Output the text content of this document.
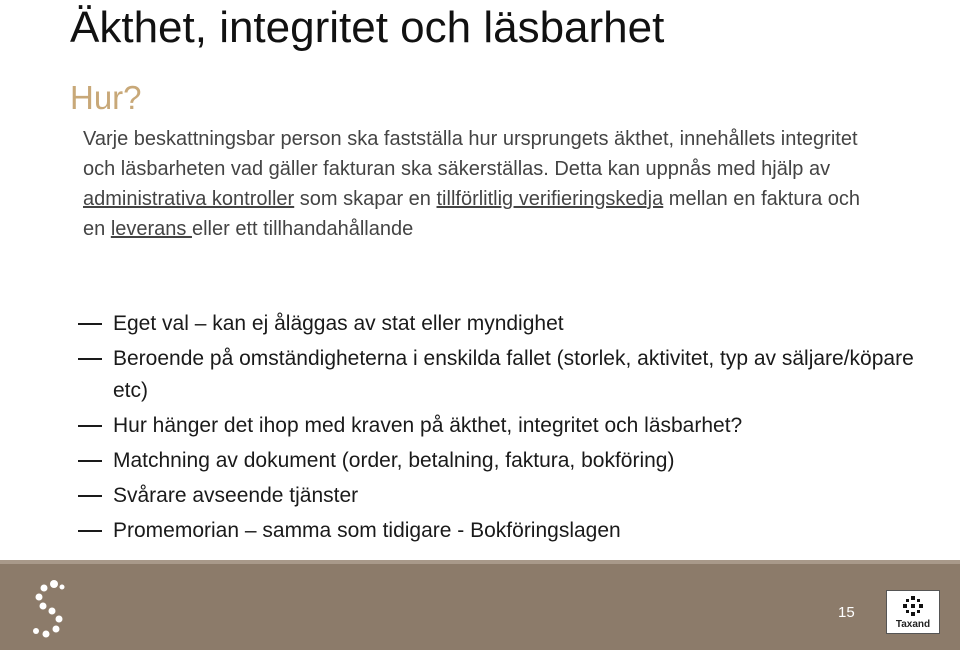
Äkthet, integritet och läsbarhet
Hur?
Varje beskattningsbar person ska fastställa hur ursprungets äkthet, innehållets integritet och läsbarheten vad gäller fakturan ska säkerställas. Detta kan uppnås med hjälp av administrativa kontroller som skapar en tillförlitlig verifieringskedja mellan en faktura och en leverans eller ett tillhandahållande
Eget val – kan ej åläggas av stat eller myndighet
Beroende på omständigheterna i enskilda fallet (storlek, aktivitet, typ av säljare/köpare etc)
Hur hänger det ihop med kraven på äkthet, integritet och läsbarhet?
Matchning av dokument (order, betalning, faktura, bokföring)
Svårare avseende tjänster
Promemorian – samma som tidigare - Bokföringslagen
15
Taxand
